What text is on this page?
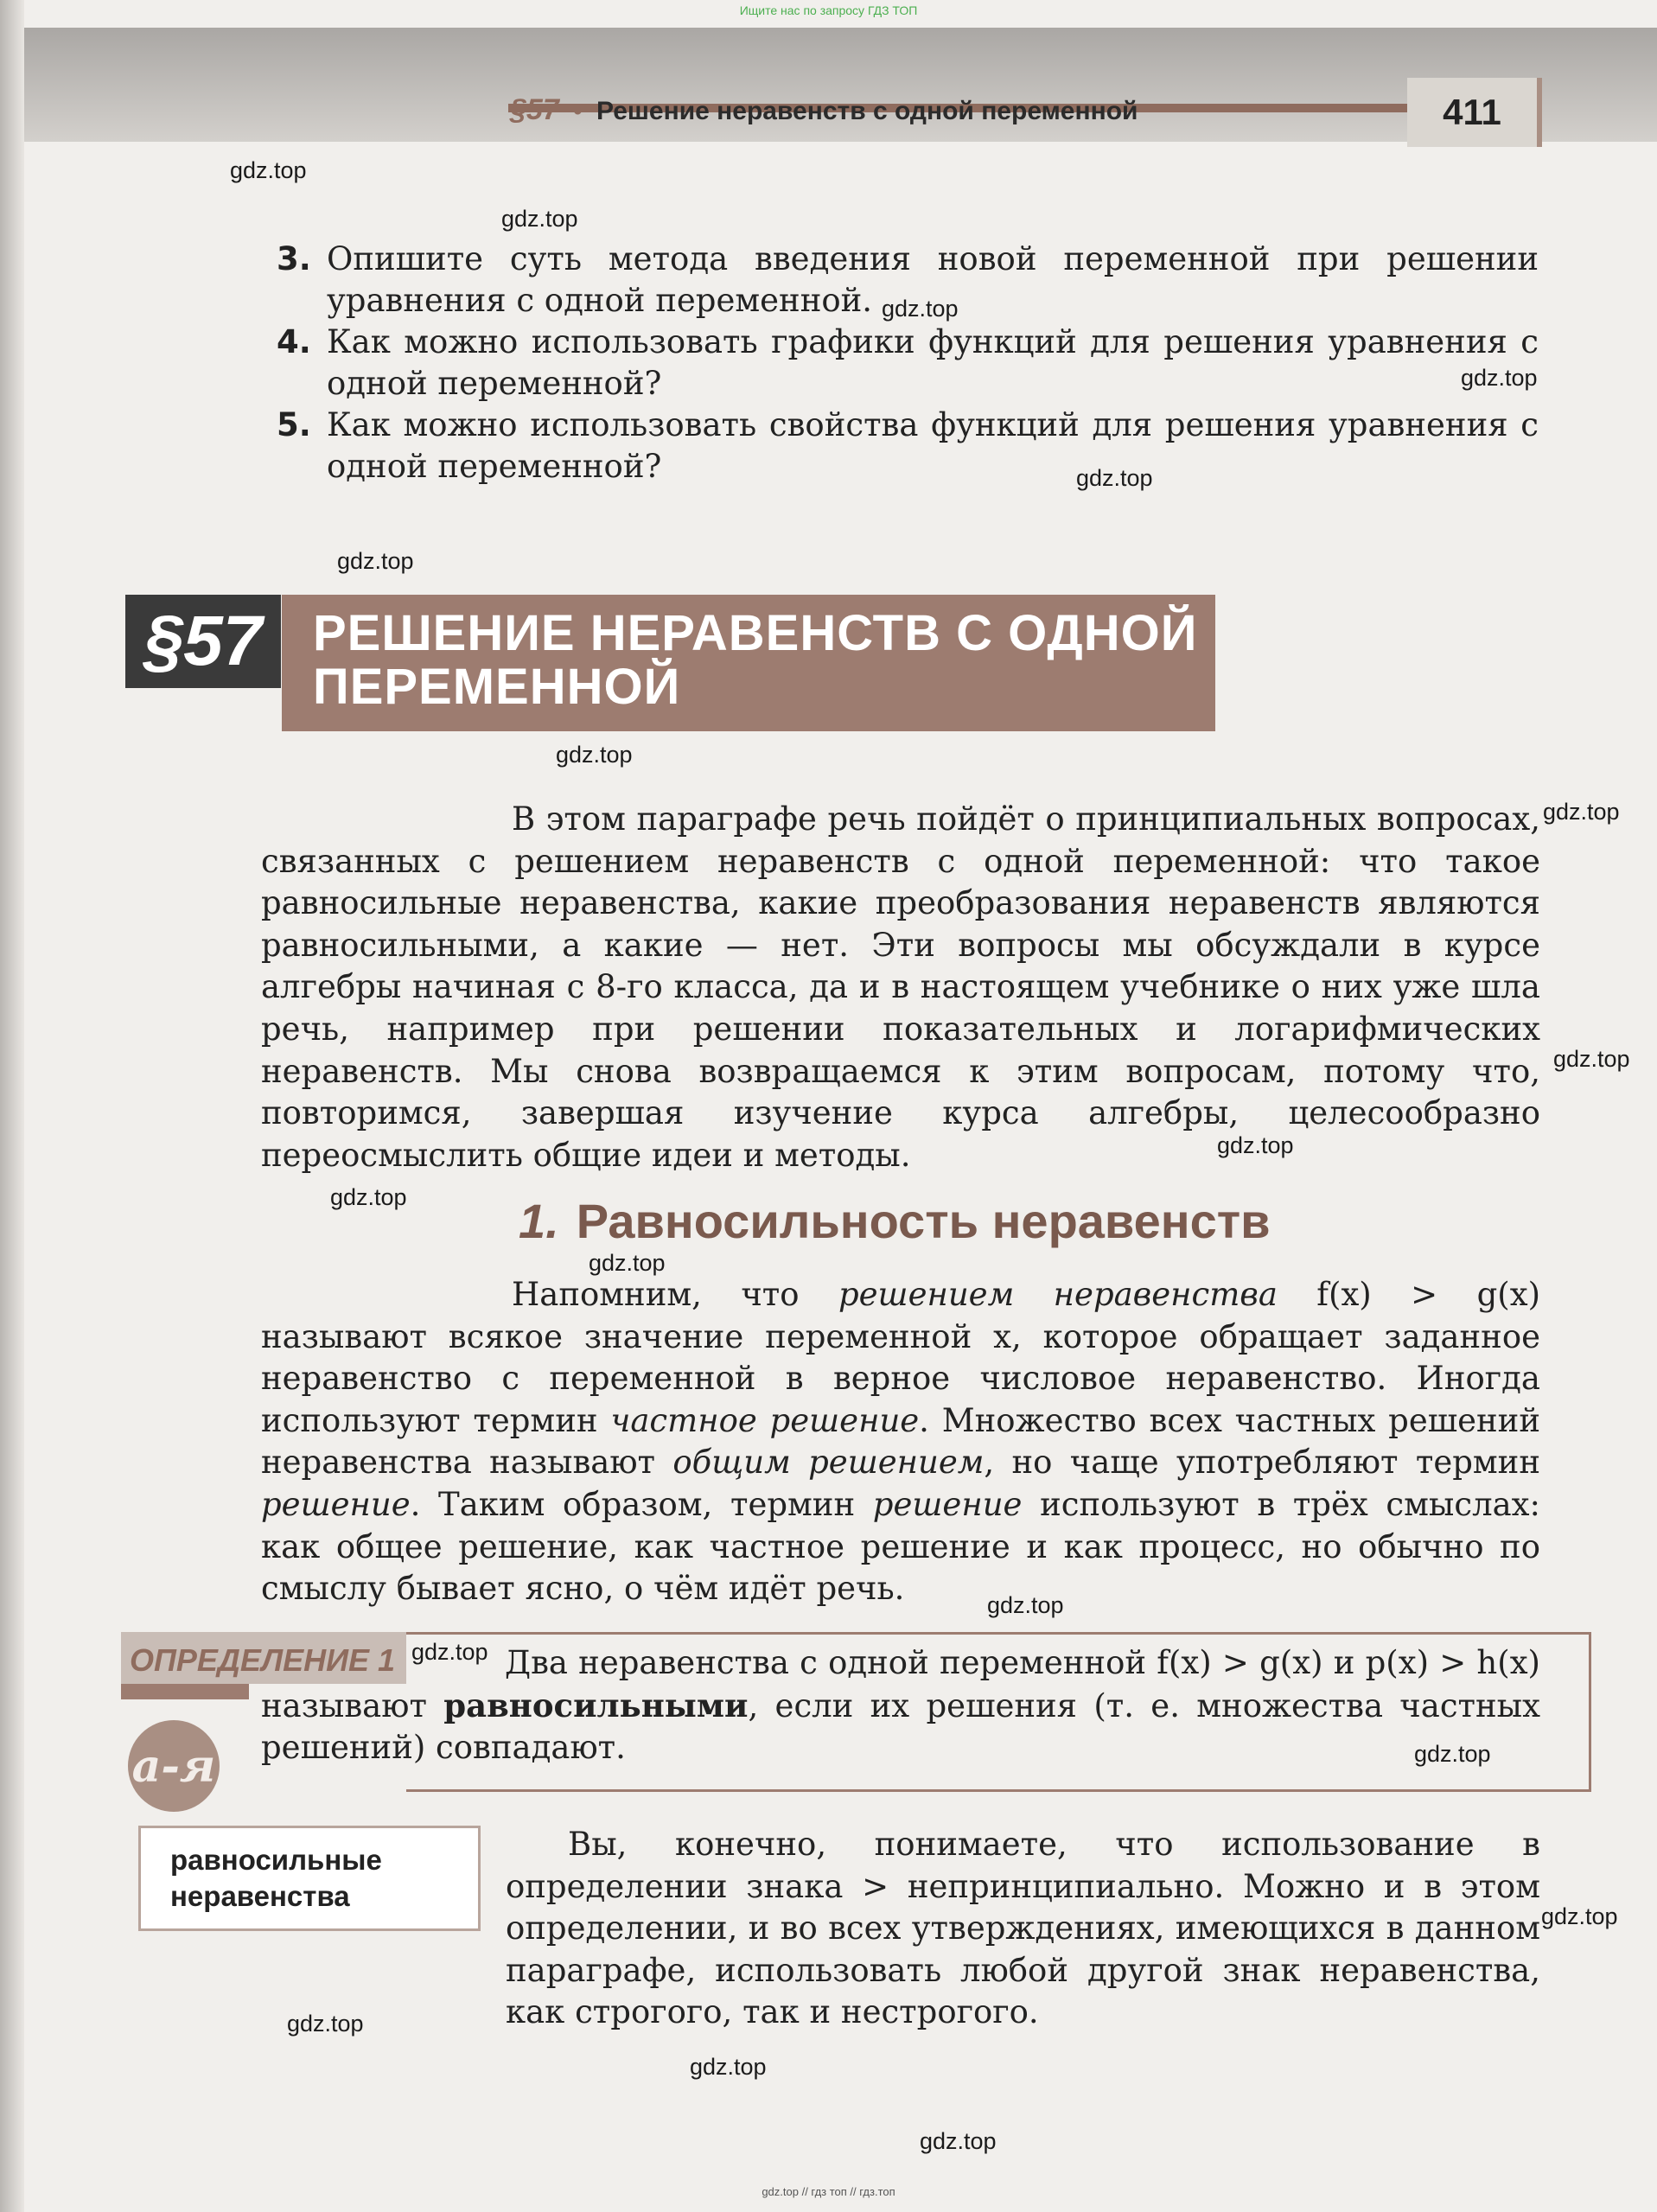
Ищите нас по запросу ГДЗ ТОП
§57 • Решение неравенств с одной переменной	411
3. Опишите суть метода введения новой переменной при решении уравнения с одной переменной.
4. Как можно использовать графики функций для решения уравнения с одной переменной?
5. Как можно использовать свойства функций для решения уравнения с одной переменной?
§57	РЕШЕНИЕ НЕРАВЕНСТВ С ОДНОЙ
ПЕРЕМЕННОЙ
В этом параграфе речь пойдёт о принципиальных вопросах, связанных с решением неравенств с одной переменной: что такое равносильные неравенства, какие преобразования неравенств являются равносильными, а какие — нет. Эти вопросы мы обсуждали в курсе алгебры начиная с 8-го класса, да и в настоящем учебнике о них уже шла речь, например при решении показательных и логарифмических неравенств. Мы снова возвращаемся к этим вопросам, потому что, повторимся, завершая изучение курса алгебры, целесообразно переосмыслить общие идеи и методы.
1. Равносильность неравенств
Напомним, что решением неравенства f(x) > g(x) называют всякое значение переменной x, которое обращает заданное неравенство с переменной в верное числовое неравенство. Иногда используют термин частное решение. Множество всех частных решений неравенства называют общим решением, но чаще употребляют термин решение. Таким образом, термин решение используют в трёх смыслах: как общее решение, как частное решение и как процесс, но обычно по смыслу бывает ясно, о чём идёт речь.
ОПРЕДЕЛЕНИЕ 1
а-я
Два неравенства с одной переменной f(x) > g(x) и p(x) > h(x) называют равносильными, если их решения (т. е. множества частных решений) совпадают.
равносильные
неравенства
Вы, конечно, понимаете, что использование в определении знака > непринципиально. Можно и в этом определении, и во всех утверждениях, имеющихся в данном параграфе, использовать любой другой знак неравенства, как строгого, так и нестрогого.
gdz.top
gdz.top
gdz.top
gdz.top
gdz.top
gdz.top
gdz.top
gdz.top
gdz.top
gdz.top
gdz.top
gdz.top
gdz.top
gdz.top
gdz.top
gdz.top
gdz.top
gdz.top
gdz.top
gdz.top // гдз топ // гдз.топ
